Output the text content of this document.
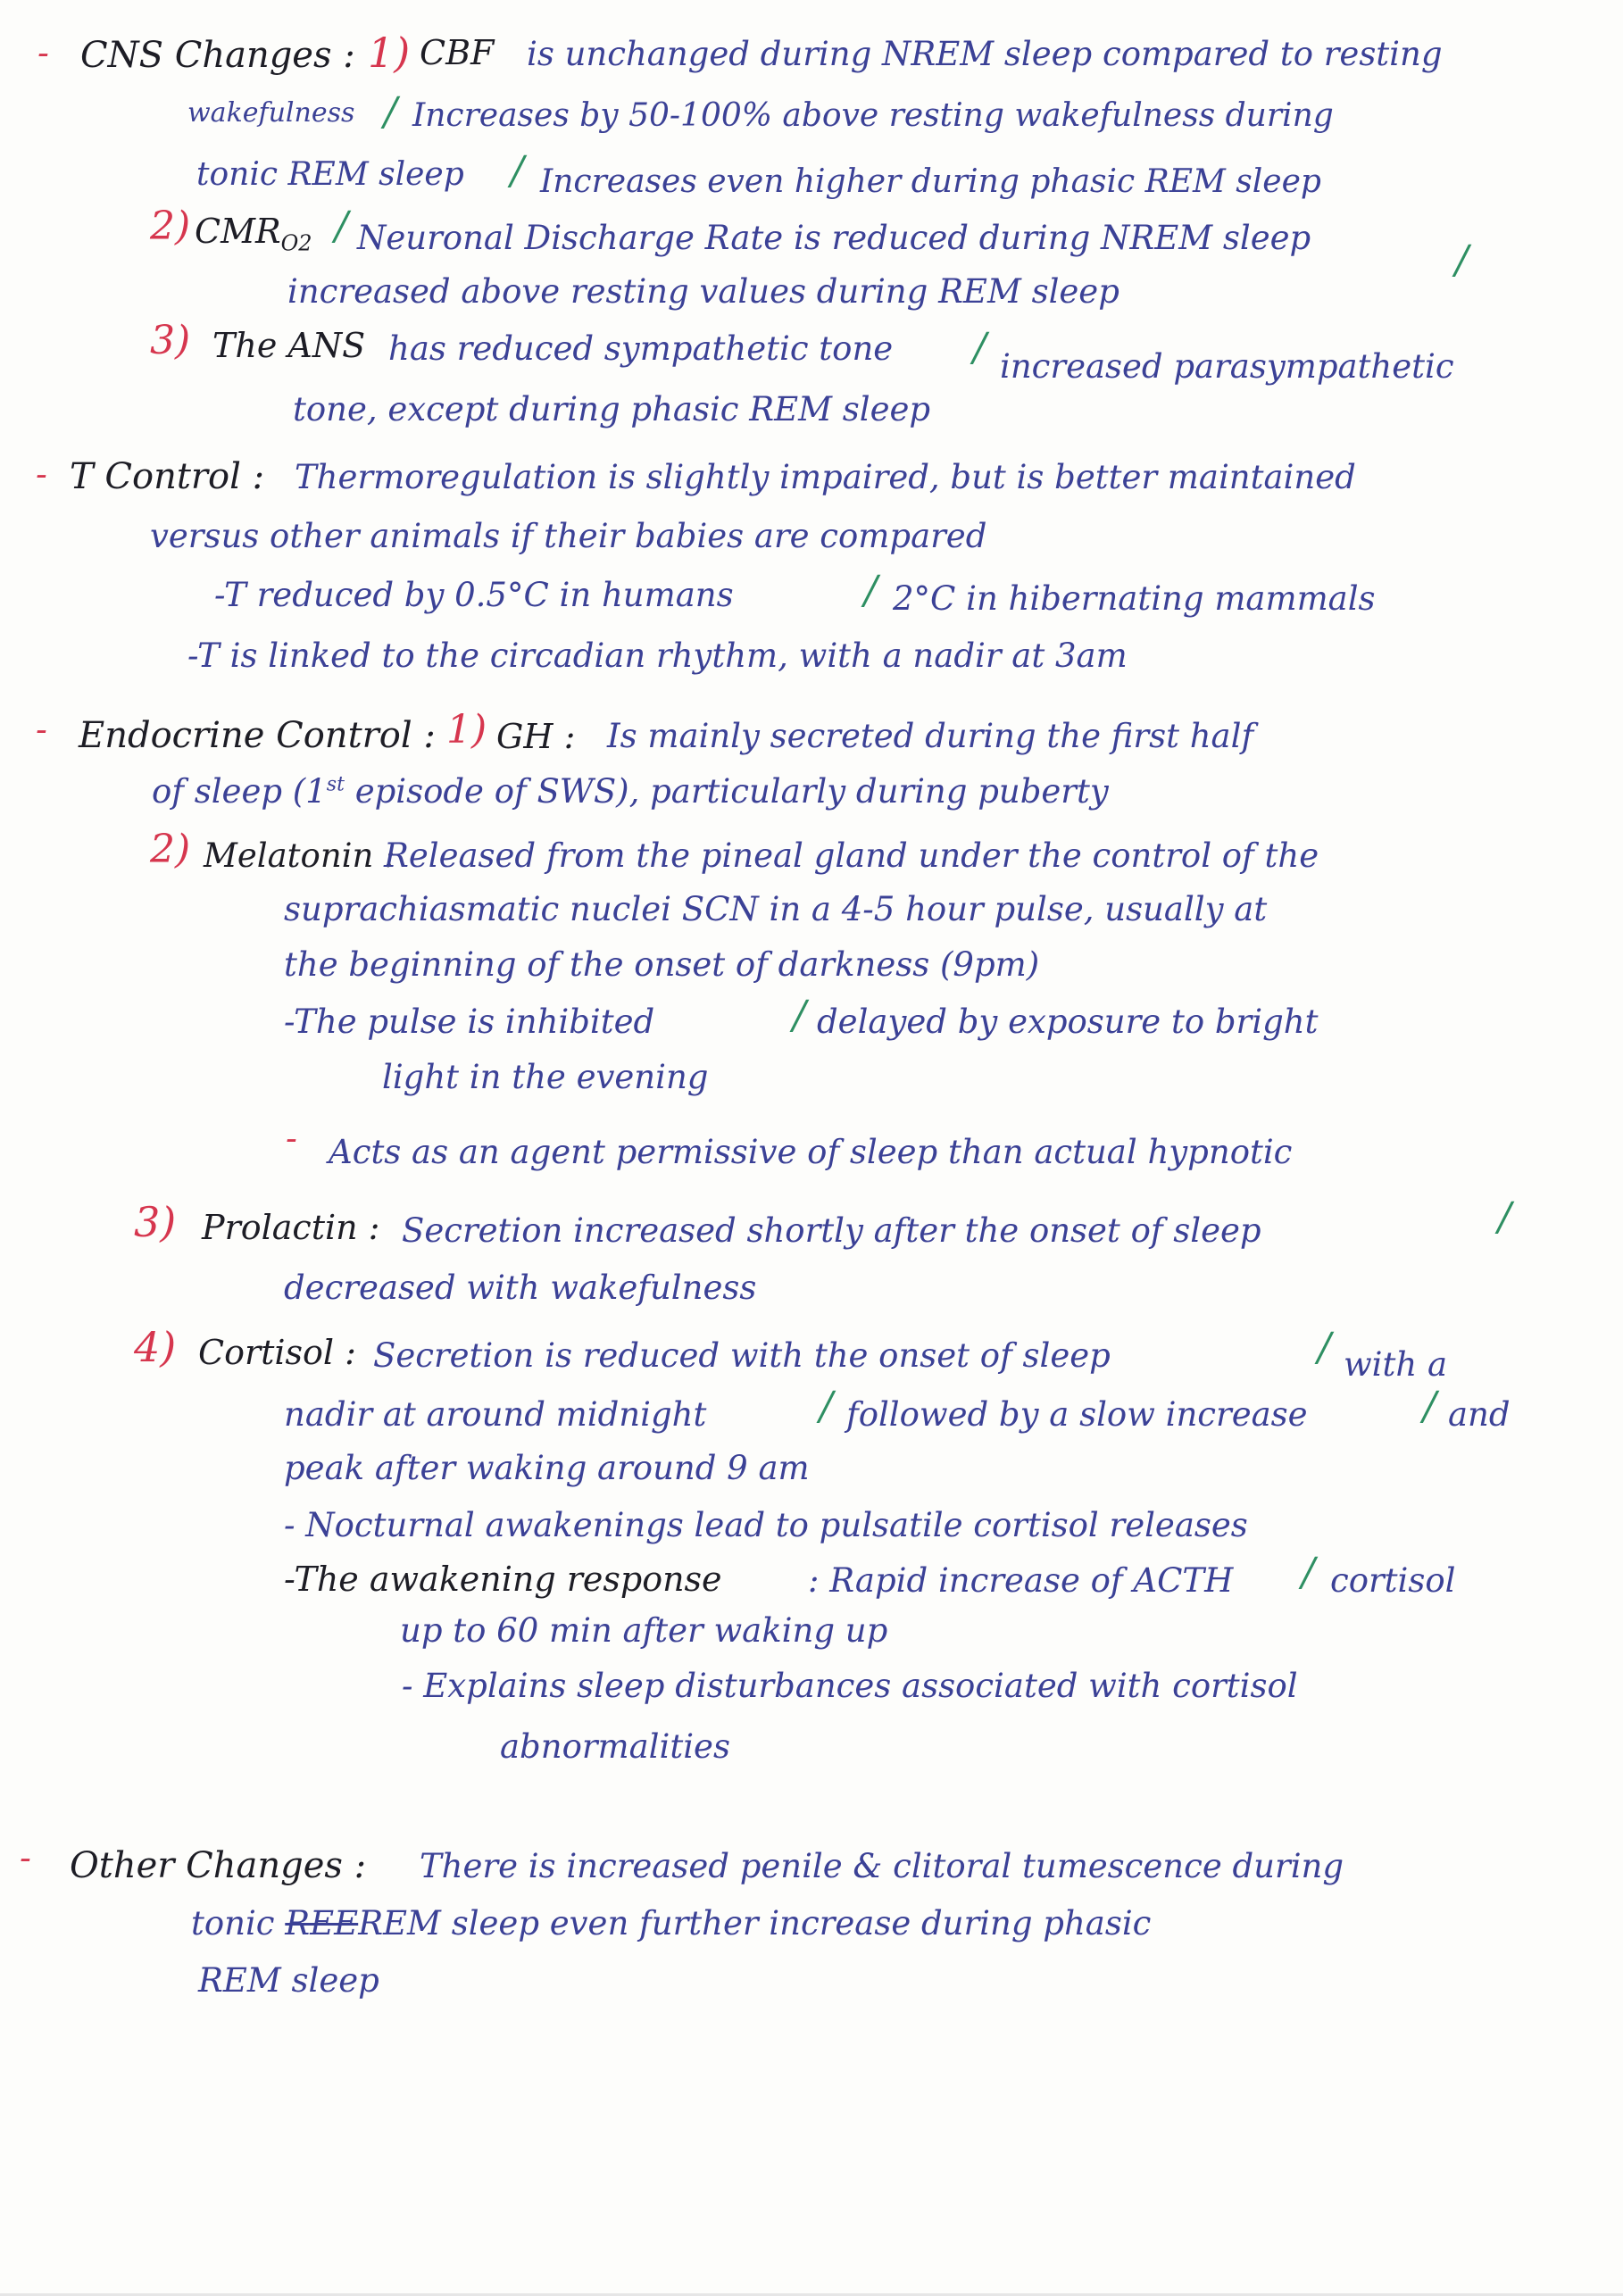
- CNS Changes : 1) CBF is unchanged during NREM sleep compared to resting
wakefulness / Increases by 50-100% above resting wakefulness during
tonic REM sleep / Increases even higher during phasic REM sleep
2) $CMR_{O2}$ / Neuronal Discharge Rate is reduced during NREM sleep	/
increased above resting values during REM sleep
3) The ANS has reduced sympathetic tone / increased parasympathetic
tone, except during phasic REM sleep
- T Control : Thermoregulation is slightly impaired, but is better maintained
versus other animals if their babies are compared
-T reduced by 0.5°C in humans	/ 2°C in hibernating mammals
-T is linked to the circadian rhythm, with a nadir at 3am
- Endocrine Control : 1) GH : Is mainly secreted during the first half
of sleep (1st episode of SWS), particularly during puberty
2) Melatonin :
Released from the pineal gland under the control of the
suprachiasmatic nuclei SCN in a 4-5 hour pulse, usually at
the beginning of the onset of darkness (9pm)
-The pulse is inhibited	/ delayed by exposure to bright
light in the evening
- Acts as an agent permissive of sleep than actual hypnotic
3) Prolactin : Secretion increased shortly after the onset of sleep	/
decreased with wakefulness
4) Cortisol : Secretion is reduced with the onset of sleep	/ with a
nadir at around midnight	/ followed by a slow increase	/ and
peak after waking around 9 am
- Nocturnal awakenings lead to pulsatile cortisol releases
-The awakening response	: Rapid increase of ACTH / cortisol
up to 60 min after waking up
- Explains sleep disturbances associated with cortisol
abnormalities
- Other Changes : There is increased penile & clitoral tumescence during
tonic REEREM sleep even further increase during phasic
REM sleep
